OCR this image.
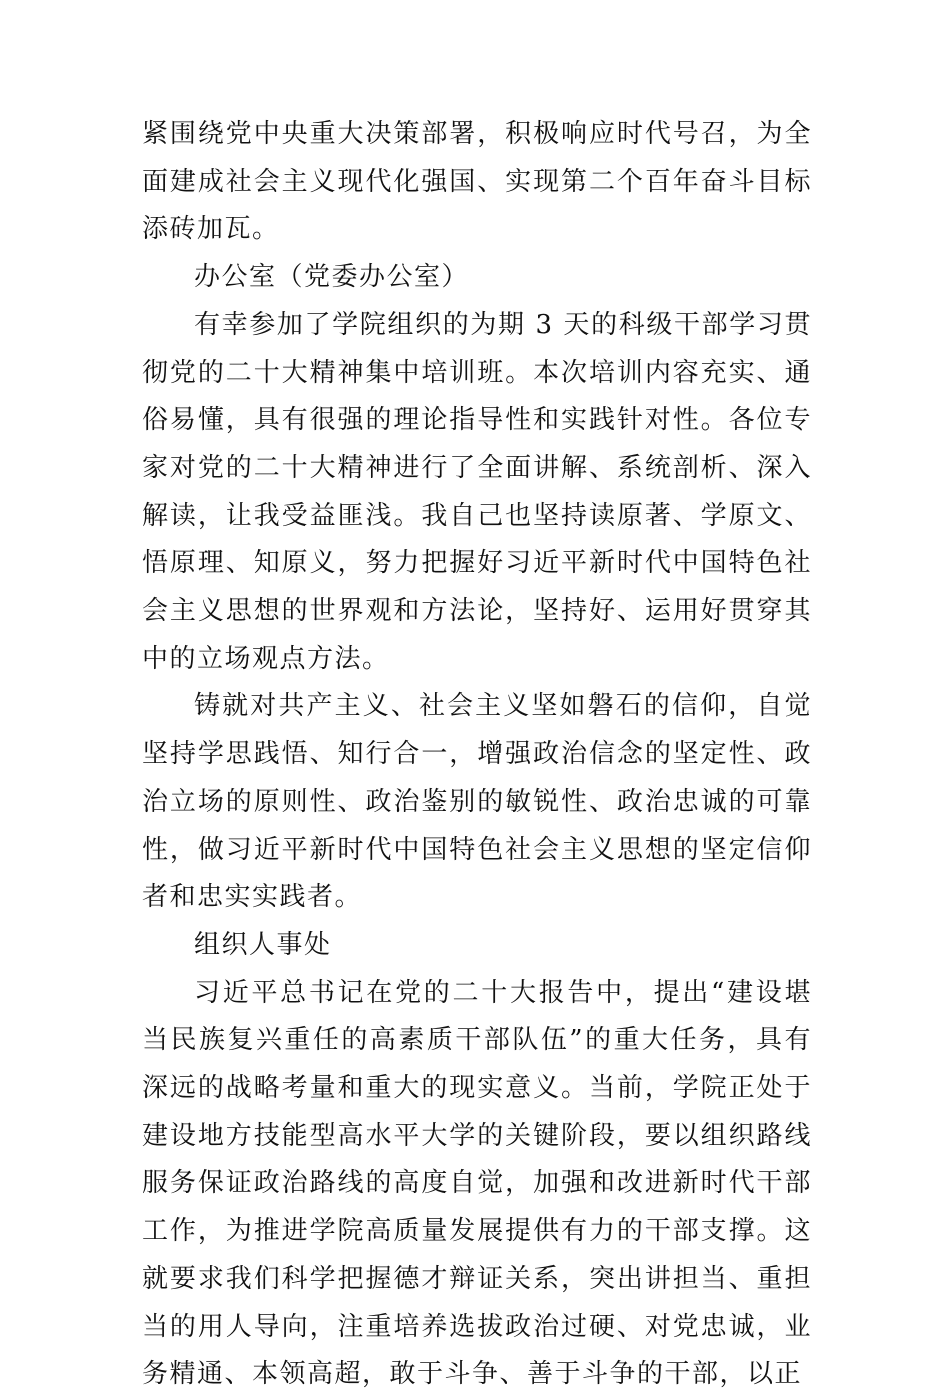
紧围绕党中央重大决策部署，积极响应时代号召，为全面建成社会主义现代化强国、实现第二个百年奋斗目标添砖加瓦。

办公室（党委办公室）

有幸参加了学院组织的为期 3 天的科级干部学习贯彻党的二十大精神集中培训班。本次培训内容充实、通俗易懂，具有很强的理论指导性和实践针对性。各位专家对党的二十大精神进行了全面讲解、系统剖析、深入解读，让我受益匪浅。我自己也坚持读原著、学原文、悟原理、知原义，努力把握好习近平新时代中国特色社会主义思想的世界观和方法论，坚持好、运用好贯穿其中的立场观点方法。

铸就对共产主义、社会主义坚如磐石的信仰，自觉坚持学思践悟、知行合一，增强政治信念的坚定性、政治立场的原则性、政治鉴别的敏锐性、政治忠诚的可靠性，做习近平新时代中国特色社会主义思想的坚定信仰者和忠实实践者。

组织人事处

习近平总书记在党的二十大报告中，提出“建设堪当民族复兴重任的高素质干部队伍”的重大任务，具有深远的战略考量和重大的现实意义。当前，学院正处于建设地方技能型高水平大学的关键阶段，要以组织路线服务保证政治路线的高度自觉，加强和改进新时代干部工作，为推进学院高质量发展提供有力的干部支撑。这就要求我们科学把握德才辩证关系，突出讲担当、重担当的用人导向，注重培养选拔政治过硬、对党忠诚，业务精通、本领高超，敢于斗争、善于斗争的干部，以正
